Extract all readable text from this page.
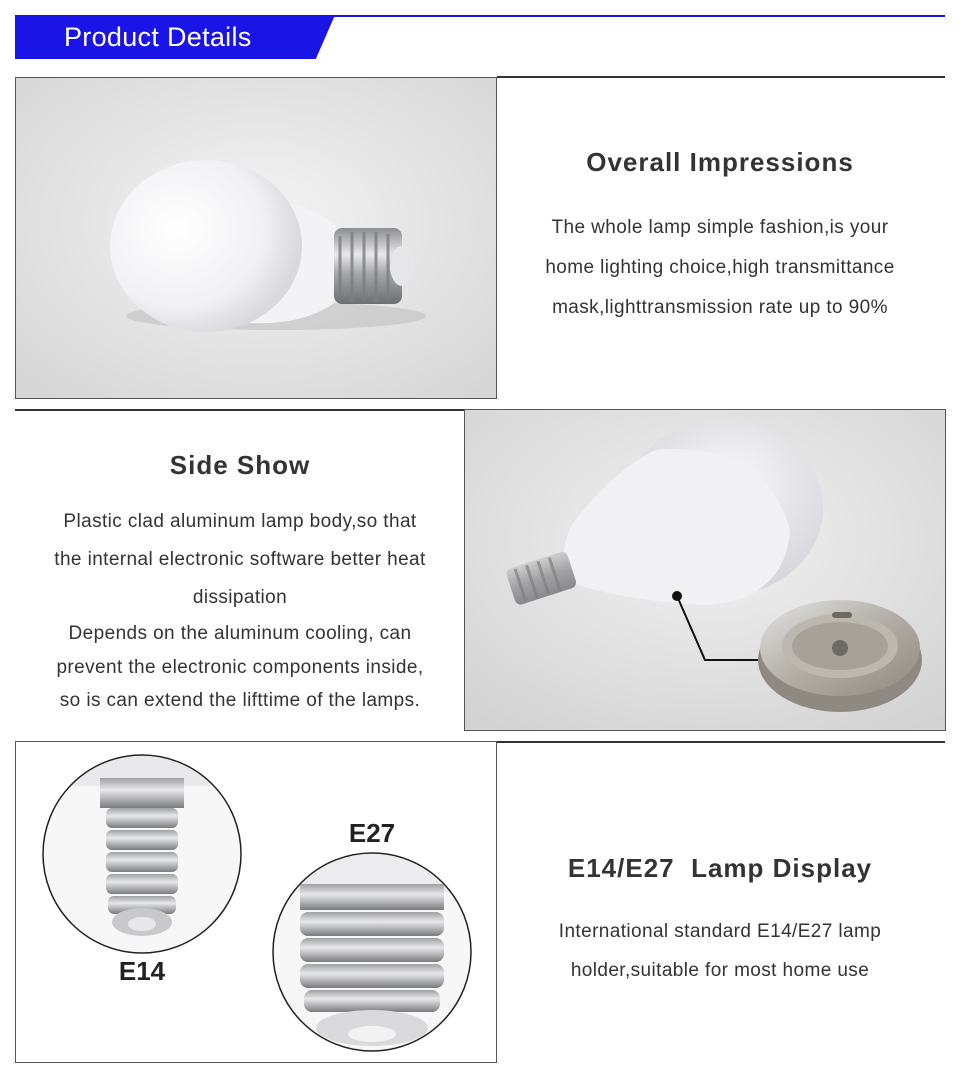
Product Details
Overall Impressions
The whole lamp simple fashion,is your
home lighting choice,high transmittance
mask,lighttransmission rate up to 90%
Side Show
Plastic clad aluminum lamp body,so that
the internal electronic software better heat
dissipation
Depends on the aluminum cooling, can
prevent the electronic components inside,
so is can extend the lifttime of the lamps.
E14
E27
E14/E27  Lamp Display
International standard E14/E27 lamp
holder,suitable for most home use
